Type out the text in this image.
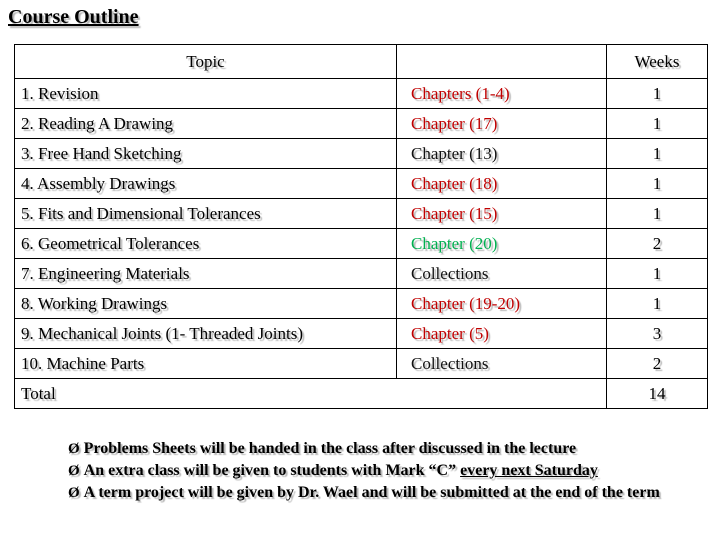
Course Outline
Topic		Weeks
1. Revision	Chapters (1-4)	1
2. Reading A Drawing	Chapter (17)	1
3. Free Hand Sketching	Chapter (13)	1
4. Assembly Drawings	Chapter (18)	1
5. Fits and Dimensional Tolerances	Chapter (15)	1
6. Geometrical Tolerances	Chapter (20)	2
7. Engineering Materials	Collections	1
8. Working Drawings	Chapter (19-20)	1
9. Mechanical Joints (1- Threaded Joints)	Chapter (5)	3
10. Machine Parts	Collections	2
Total		14

Ø Problems Sheets will be handed in the class after discussed in the lecture

Ø An extra class will be given to students with Mark “C” every next Saturday

Ø A term project will be given by Dr. Wael and will be submitted at the end of the term
